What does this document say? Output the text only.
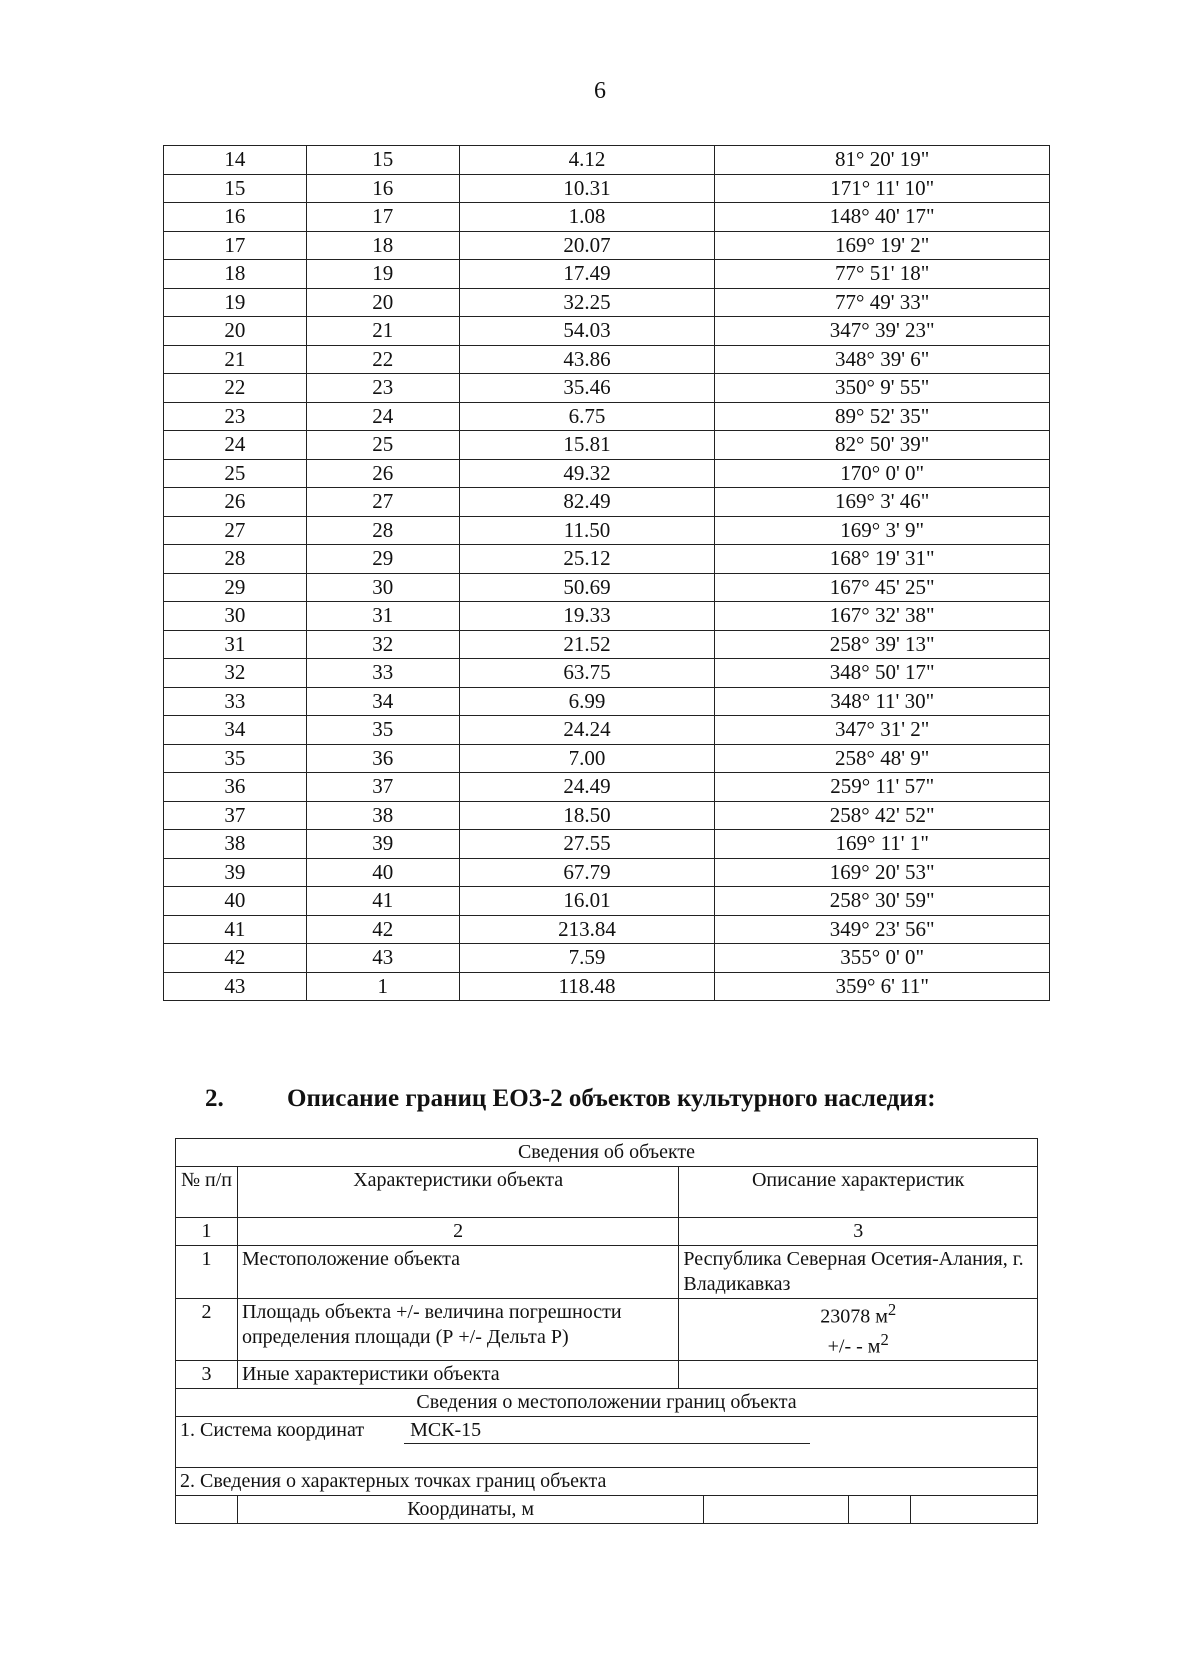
6
14	15	4.12	81° 20' 19"
15	16	10.31	171° 11' 10"
16	17	1.08	148° 40' 17"
17	18	20.07	169° 19' 2"
18	19	17.49	77° 51' 18"
19	20	32.25	77° 49' 33"
20	21	54.03	347° 39' 23"
21	22	43.86	348° 39' 6"
22	23	35.46	350° 9' 55"
23	24	6.75	89° 52' 35"
24	25	15.81	82° 50' 39"
25	26	49.32	170° 0' 0"
26	27	82.49	169° 3' 46"
27	28	11.50	169° 3' 9"
28	29	25.12	168° 19' 31"
29	30	50.69	167° 45' 25"
30	31	19.33	167° 32' 38"
31	32	21.52	258° 39' 13"
32	33	63.75	348° 50' 17"
33	34	6.99	348° 11' 30"
34	35	24.24	347° 31' 2"
35	36	7.00	258° 48' 9"
36	37	24.49	259° 11' 57"
37	38	18.50	258° 42' 52"
38	39	27.55	169° 11' 1"
39	40	67.79	169° 20' 53"
40	41	16.01	258° 30' 59"
41	42	213.84	349° 23' 56"
42	43	7.59	355° 0' 0"
43	1	118.48	359° 6' 11"
2.	Описание границ ЕОЗ-2 объектов культурного наследия:
Сведения об объекте					
№ п/п	Характеристики объекта	Описание характеристик			
1	2	3			
1	Местоположение объекта	Республика Северная Осетия-Алания, г. Владикавказ			
2	Площадь объекта +/- величина погрешности определения площади (Р +/- Дельта Р)	23078 $м^2$
+/- - $м^2$
3	Иные характеристики объекта				
Сведения о местоположении границ объекта					
1. Система координат МСК-15					
2. Сведения о характерных точках границ объекта					
	Координаты, м				
